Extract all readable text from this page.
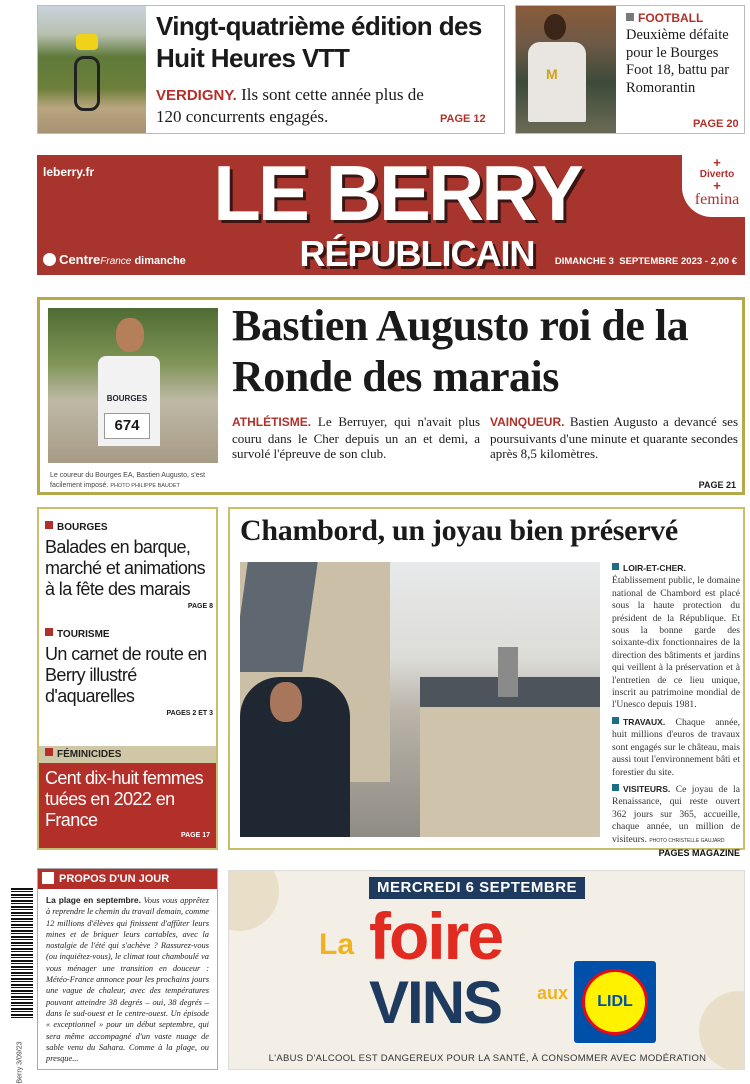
Vingt-quatrième édition des Huit Heures VTT
VERDIGNY. Ils sont cette année plus de 120 concurrents engagés.	PAGE 12
M
FOOTBALL
Deuxième défaite pour le Bourges Foot 18, battu par Romorantin
PAGE 20
leberry.fr	LE BERRY
RÉPUBLICAIN
CentreFrance dimanche	DIMANCHE 3  SEPTEMBRE 2023 - 2,00 €
+
Diverto
+
femina
BOURGES
674
Le coureur du Bourges EA, Bastien Augusto, s'est facilement imposé. PHOTO PHILIPPE BAUDET
Bastien Augusto roi de la Ronde des marais
ATHLÉTISME. Le Berruyer, qui n'avait plus couru dans le Cher depuis un an et demi, a survolé l'épreuve de son club.
VAINQUEUR. Bastien Augusto a devancé ses poursuivants d'une minute et quarante secondes après 8,5 kilomètres.
PAGE 21
BOURGES
Balades en barque, marché et animations à la fête des marais
PAGE 8
TOURISME
Un carnet de route en Berry illustré d'aquarelles
PAGES 2 ET 3
FÉMINICIDES
Cent dix-huit femmes tuées en 2022 en France
PAGE 17
Chambord, un joyau bien préservé

LOIR-ET-CHER. Établissement public, le domaine national de Chambord est placé sous la haute protection du président de la République. Et sous la bonne garde des soixante-dix fonctionnaires de la direction des bâtiments et jardins qui veillent à la préservation et à l'entretien de ce lieu unique, inscrit au patrimoine mondial de l'Unesco depuis 1981.

TRAVAUX. Chaque année, huit millions d'euros de travaux sont engagés sur le château, mais aussi tout l'environnement bâti et forestier du site.

VISITEURS. Ce joyau de la Renaissance, qui reste ouvert 362 jours sur 365, accueille, chaque année, un million de visiteurs. PHOTO CHRISTELLE GAUJARD

PAGES MAGAZINE
Berry 3/09/23
PROPOS D'UN JOUR
La plage en septembre. Vous vous apprêtez à reprendre le chemin du travail demain, comme 12 millions d'élèves qui finissent d'affûter leurs mines et de briquer leurs cartables, avec la nostalgie de l'été qui s'achève ? Rassurez-vous (ou inquiétez-vous), le climat tout chamboulé va vous ménager une transition en douceur : Météo-France annonce pour les prochains jours une vague de chaleur, avec des températures pouvant atteindre 38 degrés – oui, 38 degrés – dans le sud-ouest et le centre-ouest. Un épisode « exceptionnel » pour un début septembre, qui sera même accompagné d'un vaste nuage de sable venu du Sahara. Comme à la plage, ou presque...
MERCREDI 6 SEPTEMBRE
La foire
VINS aux	LIDL
L'ABUS D'ALCOOL EST DANGEREUX POUR LA SANTÉ, À CONSOMMER AVEC MODÉRATION
